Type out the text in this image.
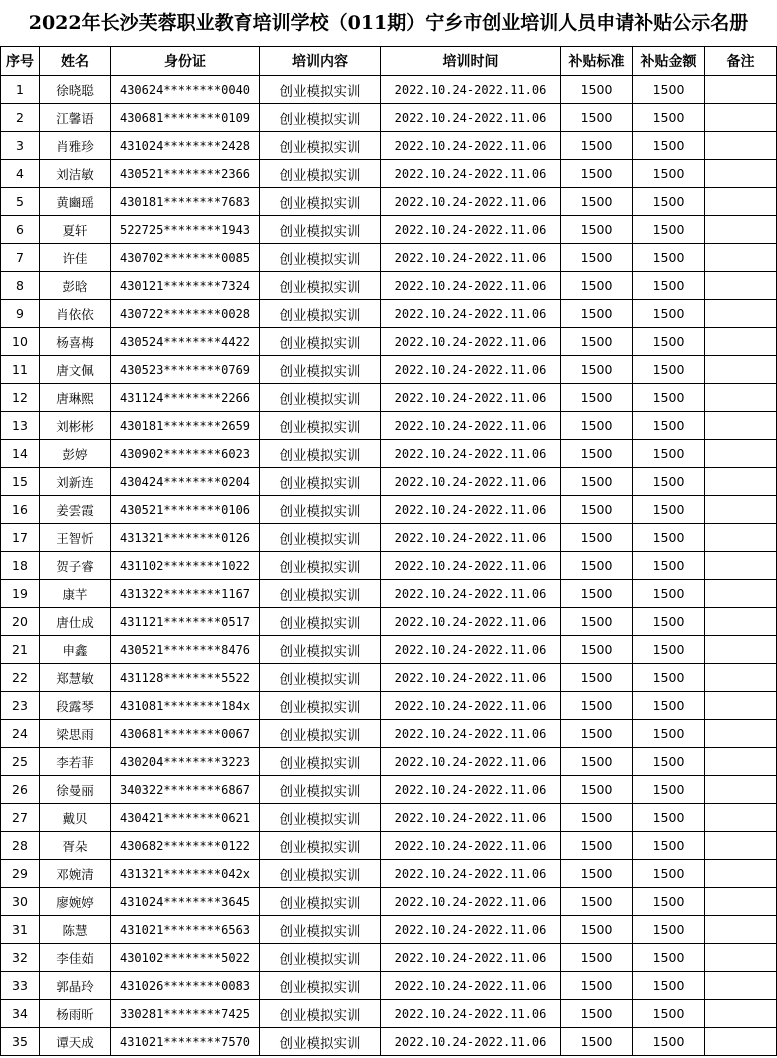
2022年长沙芙蓉职业教育培训学校（011期）宁乡市创业培训人员申请补贴公示名册
序号	姓名	身份证	培训内容	培训时间	补贴标准	补贴金额	备注
1	徐晓聪	430624********0040	创业模拟实训	2022.10.24-2022.11.06	1500	1500	
2	江馨语	430681********0109	创业模拟实训	2022.10.24-2022.11.06	1500	1500	
3	肖雅珍	431024********2428	创业模拟实训	2022.10.24-2022.11.06	1500	1500	
4	刘洁敏	430521********2366	创业模拟实训	2022.10.24-2022.11.06	1500	1500	
5	黄豳瑶	430181********7683	创业模拟实训	2022.10.24-2022.11.06	1500	1500	
6	夏轩	522725********1943	创业模拟实训	2022.10.24-2022.11.06	1500	1500	
7	许佳	430702********0085	创业模拟实训	2022.10.24-2022.11.06	1500	1500	
8	彭晗	430121********7324	创业模拟实训	2022.10.24-2022.11.06	1500	1500	
9	肖依依	430722********0028	创业模拟实训	2022.10.24-2022.11.06	1500	1500	
10	杨喜梅	430524********4422	创业模拟实训	2022.10.24-2022.11.06	1500	1500	
11	唐文佩	430523********0769	创业模拟实训	2022.10.24-2022.11.06	1500	1500	
12	唐琳熙	431124********2266	创业模拟实训	2022.10.24-2022.11.06	1500	1500	
13	刘彬彬	430181********2659	创业模拟实训	2022.10.24-2022.11.06	1500	1500	
14	彭婷	430902********6023	创业模拟实训	2022.10.24-2022.11.06	1500	1500	
15	刘新连	430424********0204	创业模拟实训	2022.10.24-2022.11.06	1500	1500	
16	姜雲霞	430521********0106	创业模拟实训	2022.10.24-2022.11.06	1500	1500	
17	王智忻	431321********0126	创业模拟实训	2022.10.24-2022.11.06	1500	1500	
18	贺子睿	431102********1022	创业模拟实训	2022.10.24-2022.11.06	1500	1500	
19	康芊	431322********1167	创业模拟实训	2022.10.24-2022.11.06	1500	1500	
20	唐仕成	431121********0517	创业模拟实训	2022.10.24-2022.11.06	1500	1500	
21	申鑫	430521********8476	创业模拟实训	2022.10.24-2022.11.06	1500	1500	
22	郑慧敏	431128********5522	创业模拟实训	2022.10.24-2022.11.06	1500	1500	
23	段露琴	431081********184x	创业模拟实训	2022.10.24-2022.11.06	1500	1500	
24	梁思雨	430681********0067	创业模拟实训	2022.10.24-2022.11.06	1500	1500	
25	李若菲	430204********3223	创业模拟实训	2022.10.24-2022.11.06	1500	1500	
26	徐曼丽	340322********6867	创业模拟实训	2022.10.24-2022.11.06	1500	1500	
27	戴贝	430421********0621	创业模拟实训	2022.10.24-2022.11.06	1500	1500	
28	胥朵	430682********0122	创业模拟实训	2022.10.24-2022.11.06	1500	1500	
29	邓婉清	431321********042x	创业模拟实训	2022.10.24-2022.11.06	1500	1500	
30	廖婉婷	431024********3645	创业模拟实训	2022.10.24-2022.11.06	1500	1500	
31	陈慧	431021********6563	创业模拟实训	2022.10.24-2022.11.06	1500	1500	
32	李佳茹	430102********5022	创业模拟实训	2022.10.24-2022.11.06	1500	1500	
33	郭晶玲	431026********0083	创业模拟实训	2022.10.24-2022.11.06	1500	1500	
34	杨雨昕	330281********7425	创业模拟实训	2022.10.24-2022.11.06	1500	1500	
35	谭天成	431021********7570	创业模拟实训	2022.10.24-2022.11.06	1500	1500	
